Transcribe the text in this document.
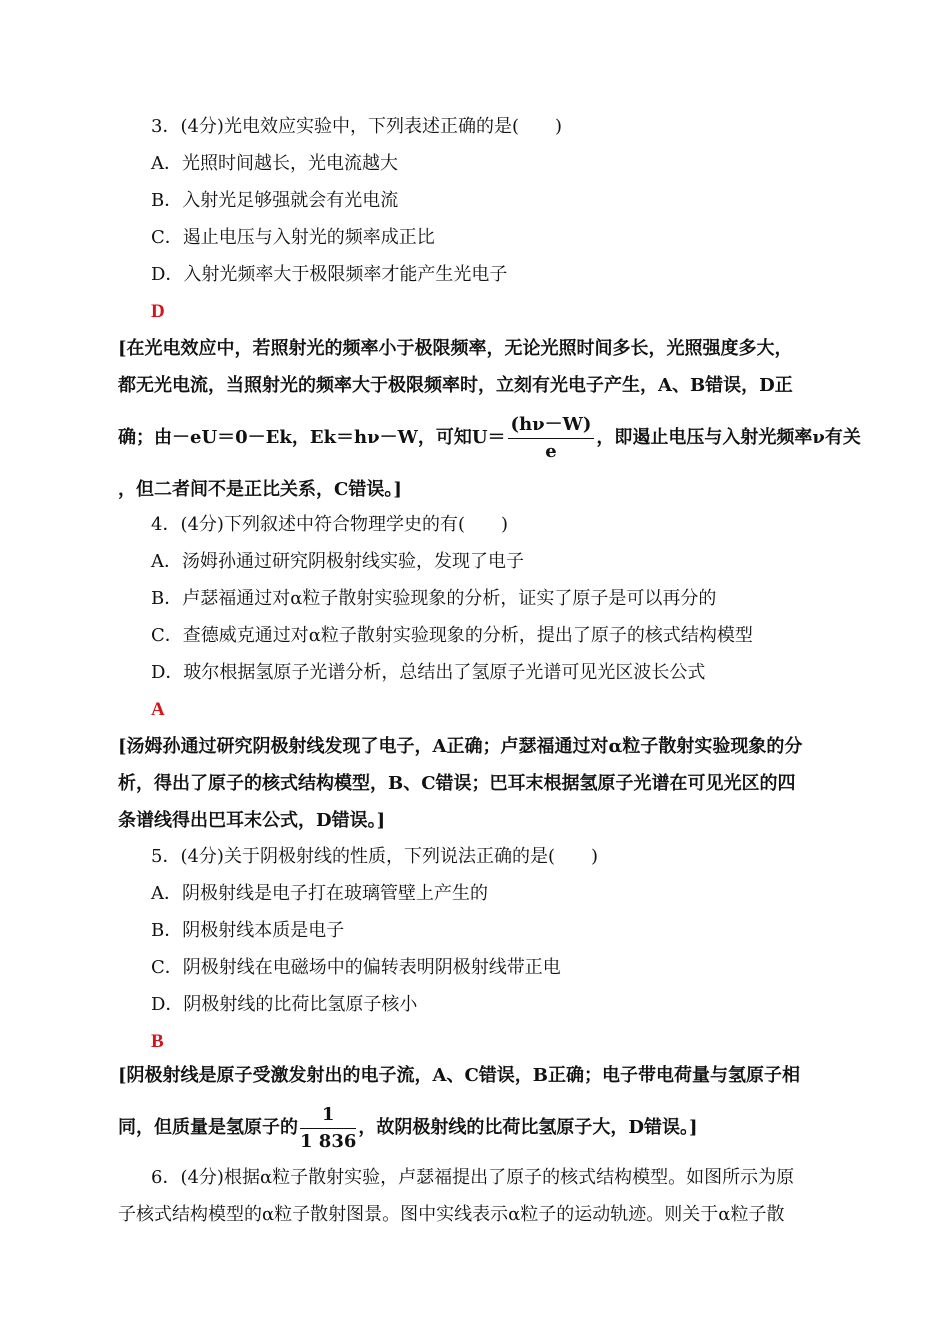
3．(4分)光电效应实验中，下列表述正确的是(　　)
A．光照时间越长，光电流越大
B．入射光足够强就会有光电流
C．遏止电压与入射光的频率成正比
D．入射光频率大于极限频率才能产生光电子
D
[在光电效应中，若照射光的频率小于极限频率，无论光照时间多长，光照强度多大，
都无光电流，当照射光的频率大于极限频率时，立刻有光电子产生，A、B错误，D正
确；由－eU＝0－Ek，Ek＝hν－W，可知$U= \frac{(h\nu-W)}{e}$ ，即遏止电压与入射光频率ν有关
，但二者间不是正比关系，C错误。]
4．(4分)下列叙述中符合物理学史的有(　　)
A．汤姆孙通过研究阴极射线实验，发现了电子
B．卢瑟福通过对α粒子散射实验现象的分析，证实了原子是可以再分的
C．查德威克通过对α粒子散射实验现象的分析，提出了原子的核式结构模型
D．玻尔根据氢原子光谱分析，总结出了氢原子光谱可见光区波长公式
A
[汤姆孙通过研究阴极射线发现了电子，A正确；卢瑟福通过对α粒子散射实验现象的分
析，得出了原子的核式结构模型，B、C错误；巴耳末根据氢原子光谱在可见光区的四
条谱线得出巴耳末公式，D错误。]
5．(4分)关于阴极射线的性质，下列说法正确的是(　　)
A．阴极射线是电子打在玻璃管壁上产生的
B．阴极射线本质是电子
C．阴极射线在电磁场中的偏转表明阴极射线带正电
D．阴极射线的比荷比氢原子核小
B
[阴极射线是原子受激发射出的电子流，A、C错误，B正确；电子带电荷量与氢原子相
同，但质量是氢原子的 $\frac{1}{1 836}$ ，故阴极射线的比荷比氢原子大，D错误。]
6．(4分)根据α粒子散射实验，卢瑟福提出了原子的核式结构模型。如图所示为原
子核式结构模型的α粒子散射图景。图中实线表示α粒子的运动轨迹。则关于α粒子散
